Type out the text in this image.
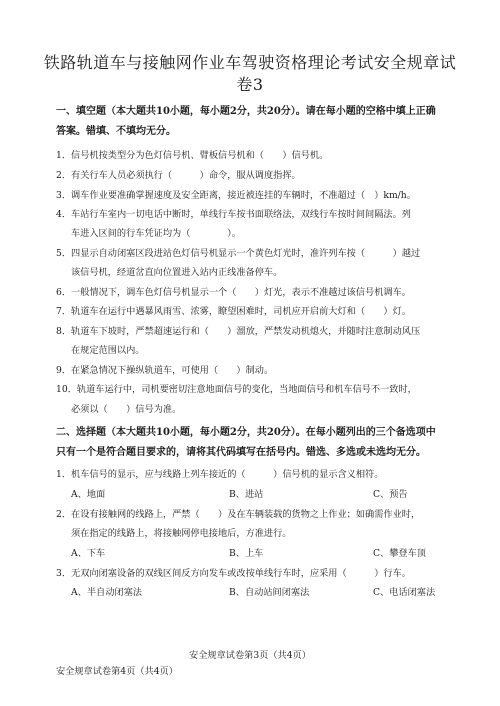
铁路轨道车与接触网作业车驾驶资格理论考试安全规章试
卷3
一、填空题（本大题共10小题，每小题2分，共20分）。请在每小题的空格中填上正确
答案。错填、不填均无分。
1．信号机按类型分为色灯信号机、臂板信号机和（　　）信号机。
2．有关行车人员必须执行（　　　）命令，服从调度指挥。
3．调车作业要准确掌握速度及安全距离，接近被连挂的车辆时，不准超过（　）km/h。
4．车站行车室内一切电话中断时，单线行车按书面联络法，双线行车按时间间隔法。列
车进入区间的行车凭证均为（　　　　）。
5．四显示自动闭塞区段进站色灯信号机显示一个黄色灯光时，准许列车按（　　　）越过
该信号机，经道岔直向位置进入站内正线准备停车。
6．一般情况下，调车色灯信号机显示一个（　　）灯光，表示不准越过该信号机调车。
7．轨道车在运行中遇暴风雨雪、浓雾，瞭望困难时，司机应开启前大灯和（　　）灯。
8．轨道车下坡时，严禁超速运行和（　　）溜放，严禁发动机熄火，并随时注意制动风压
在规定范围以内。
9．在紧急情况下操纵轨道车，可使用（　　）制动。
10．轨道车运行中，司机要密切注意地面信号的变化，当地面信号和机车信号不一致时，
必须以（　　）信号为准。
二、选择题（本大题共10小题，每小题2分，共20分）。在每小题列出的三个备选项中
只有一个是符合题目要求的，请将其代码填写在括号内。错选、多选或未选均无分。
1．机车信号的显示，应与线路上列车接近的（　　　）信号机的显示含义相符。
A、地面	B、进站	C、预告
2．在设有接触网的线路上，严禁（　　）及在车辆装载的货物之上作业；如确需作业时，
须在指定的线路上，将接触网停电接地后，方准进行。
A、下车	B、上车	C、攀登车顶
3．无双向闭塞设备的双线区间反方向发车或改按单线行车时，应采用（　　　）行车。
A、半自动闭塞法	B、自动站间闭塞法	C、电话闭塞法
安全规章试卷第3页（共4页）
安全规章试卷第4页（共4页）
